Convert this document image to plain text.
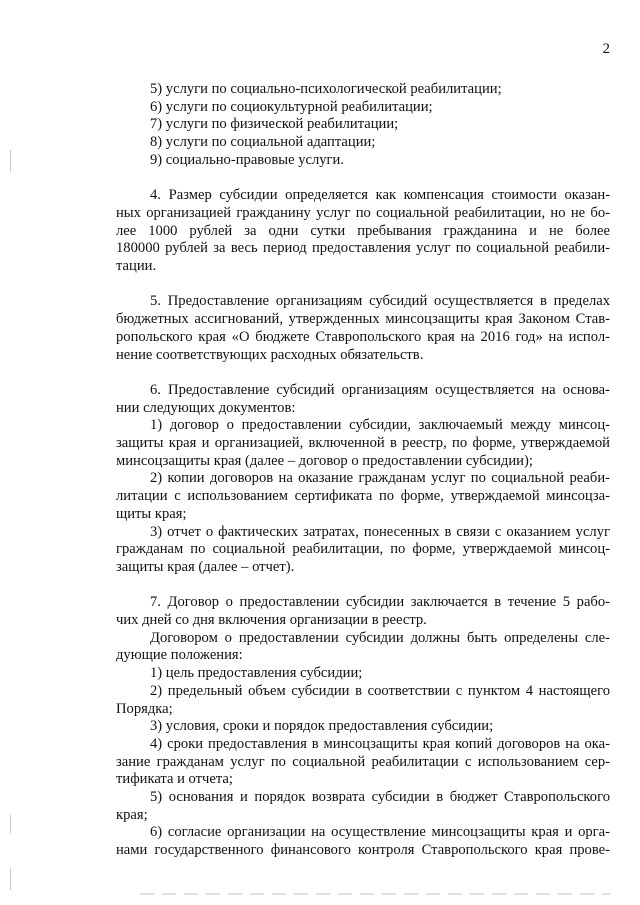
2
5) услуги по социально-психологической реабилитации;
6) услуги по социокультурной реабилитации;
7) услуги по физической реабилитации;
8) услуги по социальной адаптации;
9) социально-правовые услуги.
4. Размер субсидии определяется как компенсация стоимости оказан-
ных организацией гражданину услуг по социальной реабилитации, но не бо-
лее 1000 рублей за одни сутки пребывания гражданина и не более
180000 рублей за весь период предоставления услуг по социальной реабили-
тации.
5. Предоставление организациям субсидий осуществляется в пределах
бюджетных ассигнований, утвержденных минсоцзащиты края Законом Став-
ропольского края «О бюджете Ставропольского края на 2016 год» на испол-
нение соответствующих расходных обязательств.
6. Предоставление субсидий организациям осуществляется на основа-
нии следующих документов:
1) договор о предоставлении субсидии, заключаемый между минсоц-
защиты края и организацией, включенной в реестр, по форме, утверждаемой
минсоцзащиты края (далее – договор о предоставлении субсидии);
2) копии договоров на оказание гражданам услуг по социальной реаби-
литации с использованием сертификата по форме, утверждаемой минсоцза-
щиты края;
3) отчет о фактических затратах, понесенных в связи с оказанием услуг
гражданам по социальной реабилитации, по форме, утверждаемой минсоц-
защиты края (далее – отчет).
7. Договор о предоставлении субсидии заключается в течение 5 рабо-
чих дней со дня включения организации в реестр.
Договором о предоставлении субсидии должны быть определены сле-
дующие положения:
1) цель предоставления субсидии;
2) предельный объем субсидии в соответствии с пунктом 4 настоящего
Порядка;
3) условия, сроки и порядок предоставления субсидии;
4) сроки предоставления в минсоцзащиты края копий договоров на ока-
зание гражданам услуг по социальной реабилитации с использованием сер-
тификата и отчета;
5) основания и порядок возврата субсидии в бюджет Ставропольского
края;
6) согласие организации на осуществление минсоцзащиты края и орга-
нами государственного финансового контроля Ставропольского края прове-
